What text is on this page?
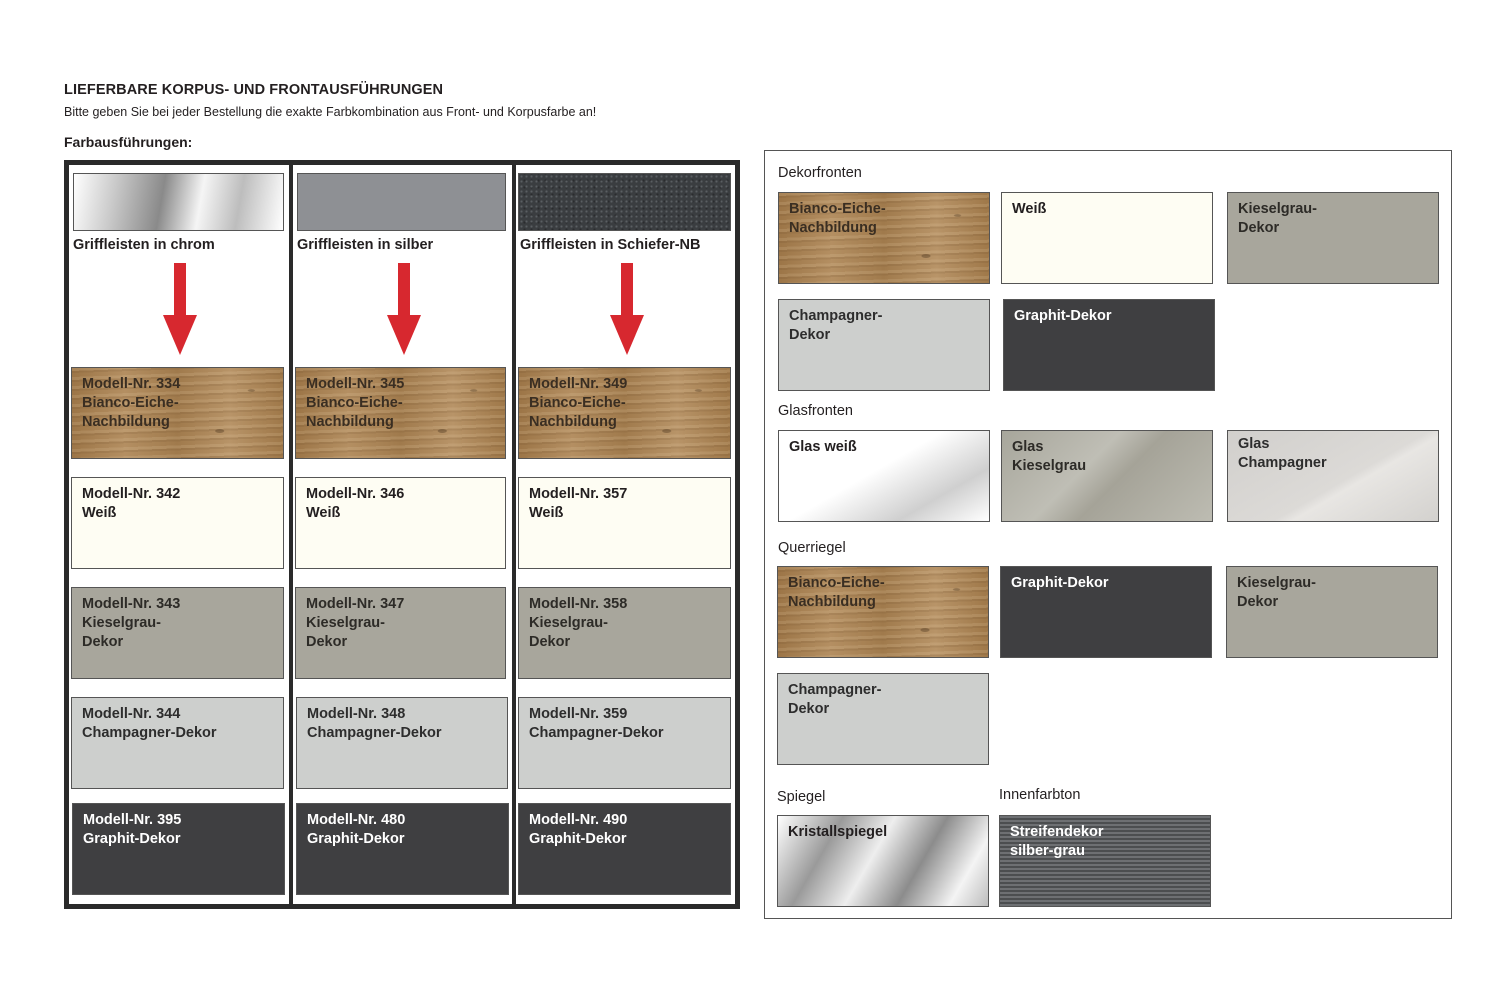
LIEFERBARE KORPUS- UND FRONTAUSFÜHRUNGEN
Bitte geben Sie bei jeder Bestellung die exakte Farbkombination aus Front- und Korpusfarbe an!
Farbausführungen:
Griffleisten in chrom
Modell-Nr. 334
Bianco-Eiche-
Nachbildung
Modell-Nr. 342
Weiß
Modell-Nr. 343
Kieselgrau-
Dekor
Modell-Nr. 344
Champagner-Dekor
Modell-Nr. 395
Graphit-Dekor
Griffleisten in silber
Modell-Nr. 345
Bianco-Eiche-
Nachbildung
Modell-Nr. 346
Weiß
Modell-Nr. 347
Kieselgrau-
Dekor
Modell-Nr. 348
Champagner-Dekor
Modell-Nr. 480
Graphit-Dekor
Griffleisten in Schiefer-NB
Modell-Nr. 349
Bianco-Eiche-
Nachbildung
Modell-Nr. 357
Weiß
Modell-Nr. 358
Kieselgrau-
Dekor
Modell-Nr. 359
Champagner-Dekor
Modell-Nr. 490
Graphit-Dekor
Dekorfronten
Bianco-Eiche-
Nachbildung
Weiß	Kieselgrau-
Dekor
Champagner-
Dekor
Graphit-Dekor
Glasfronten
Glas weiß	Glas
Kieselgrau
Glas
Champagner
Querriegel
Bianco-Eiche-
Nachbildung
Graphit-Dekor	Kieselgrau-
Dekor
Champagner-
Dekor
Spiegel	Innenfarbton
Kristallspiegel	Streifendekor
silber-grau
